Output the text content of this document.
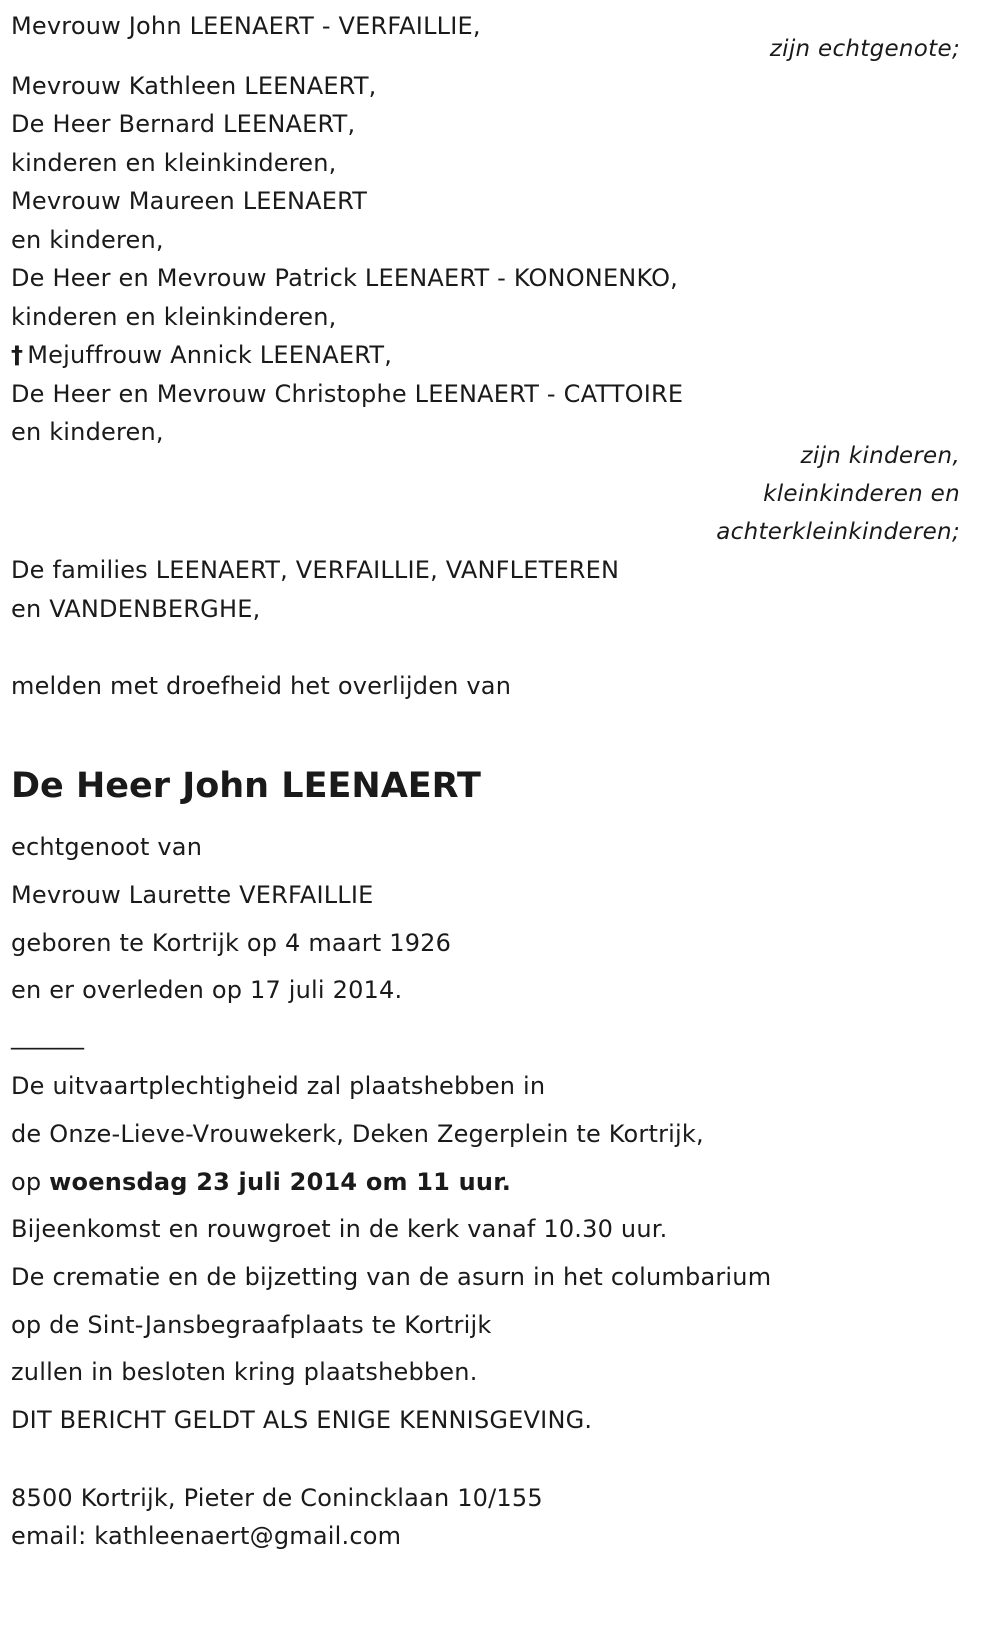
Mevrouw John LEENAERT - VERFAILLIE,
zijn echtgenote;
Mevrouw Kathleen LEENAERT,
De Heer Bernard LEENAERT,
kinderen en kleinkinderen,
Mevrouw Maureen LEENAERT
en kinderen,
De Heer en Mevrouw Patrick LEENAERT - KONONENKO,
kinderen en kleinkinderen,
† Mejuffrouw Annick LEENAERT,
De Heer en Mevrouw Christophe LEENAERT - CATTOIRE
en kinderen,
zijn kinderen,
kleinkinderen en
achterkleinkinderen;
De families LEENAERT, VERFAILLIE, VANFLETEREN
en VANDENBERGHE,
melden met droefheid het overlijden van
De Heer John LEENAERT
echtgenoot van
Mevrouw Laurette VERFAILLIE
geboren te Kortrijk op 4 maart 1926
en er overleden op 17 juli 2014.
______
De uitvaartplechtigheid zal plaatshebben in
de Onze-Lieve-Vrouwekerk, Deken Zegerplein te Kortrijk,
op woensdag 23 juli 2014 om 11 uur.
Bijeenkomst en rouwgroet in de kerk vanaf 10.30 uur.
De crematie en de bijzetting van de asurn in het columbarium
op de Sint-Jansbegraafplaats te Kortrijk
zullen in besloten kring plaatshebben.
DIT BERICHT GELDT ALS ENIGE KENNISGEVING.
8500 Kortrijk, Pieter de Conincklaan 10/155
email: kathleenaert@gmail.com
